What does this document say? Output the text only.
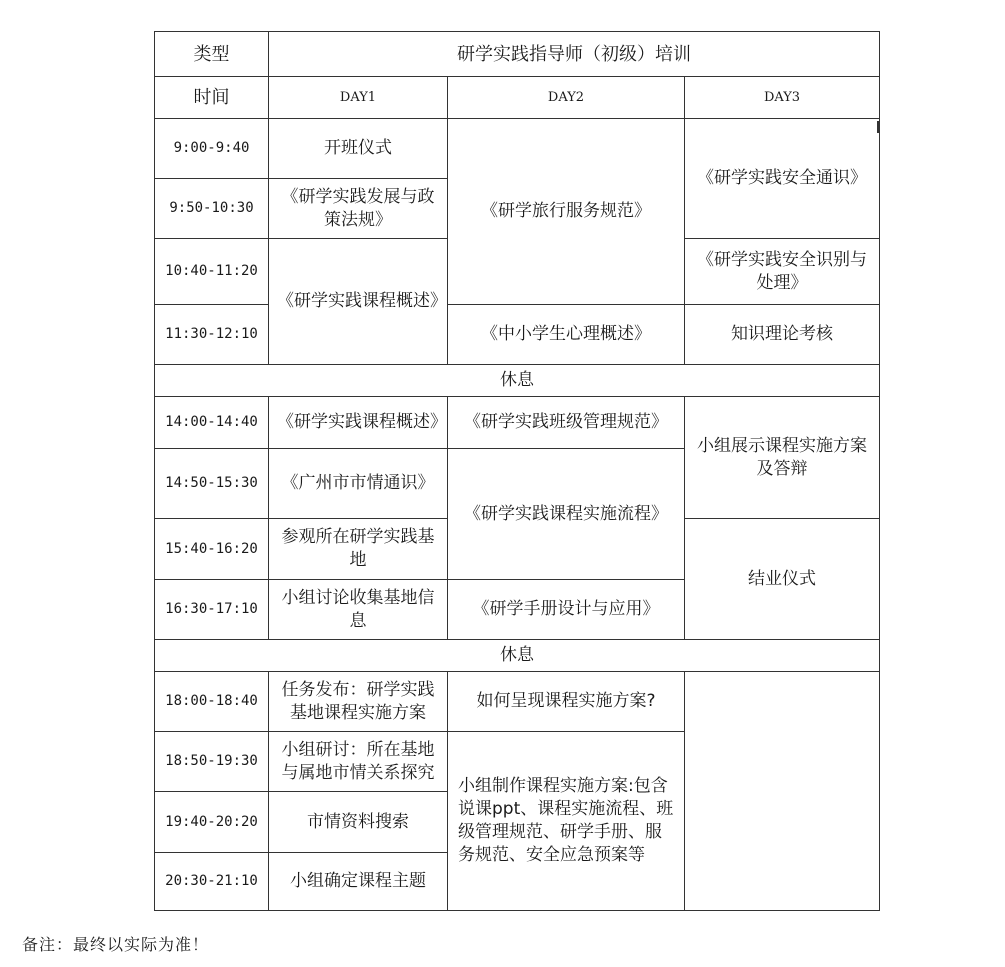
类型	研学实践指导师（初级）培训		
时间	DAY1	DAY2	DAY3
9:00-9:40	开班仪式	《研学旅行服务规范》	《研学实践安全通识》
9:50-10:30	《研学实践发展与政策法规》		
10:40-11:20	《研学实践课程概述》		《研学实践安全识别与处理》
11:30-12:10		《中小学生心理概述》	知识理论考核
休息			
14:00-14:40	《研学实践课程概述》	《研学实践班级管理规范》	小组展示课程实施方案及答辩
14:50-15:30	《广州市市情通识》	《研学实践课程实施流程》	
15:40-16:20	参观所在研学实践基地		结业仪式
16:30-17:10	小组讨论收集基地信息	《研学手册设计与应用》	
休息			
18:00-18:40	任务发布：研学实践基地课程实施方案	如何呈现课程实施方案?	
18:50-19:30	小组研讨：所在基地与属地市情关系探究	小组制作课程实施方案:包含说课ppt、课程实施流程、班级管理规范、研学手册、服务规范、安全应急预案等	
19:40-20:20	市情资料搜索		
20:30-21:10	小组确定课程主题		
备注：最终以实际为准！
